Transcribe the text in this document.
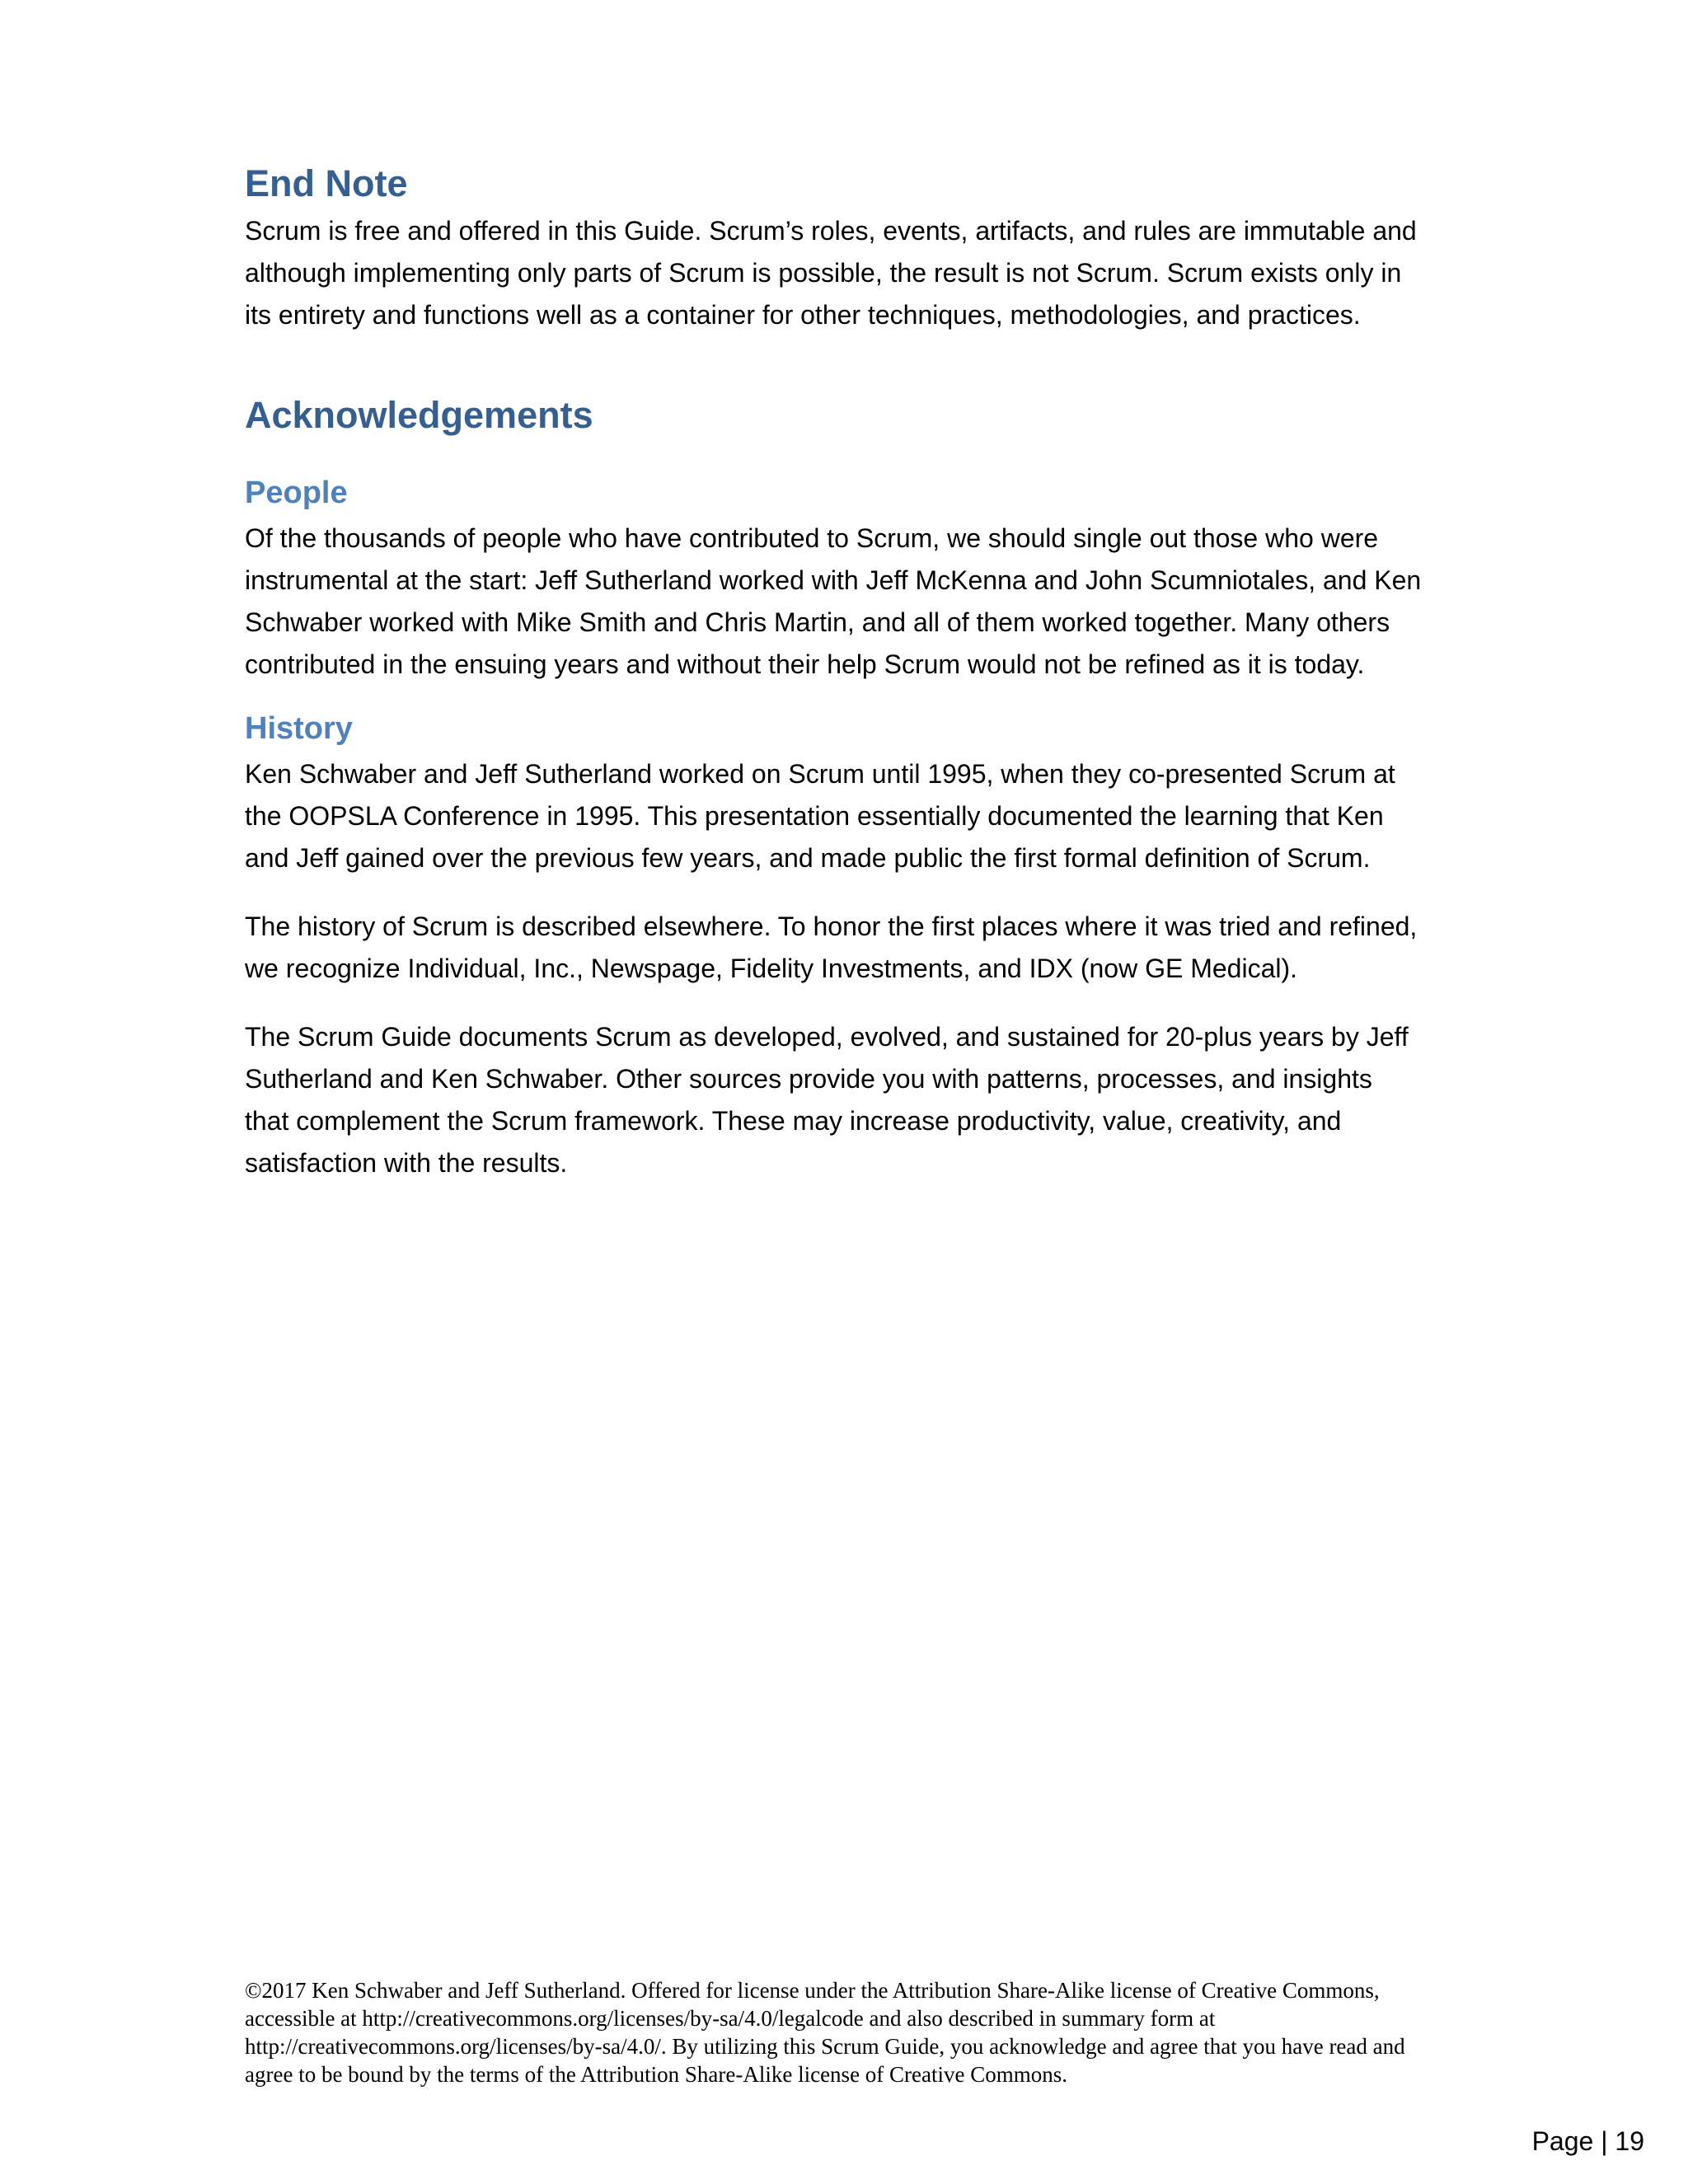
End Note

Scrum is free and offered in this Guide. Scrum’s roles, events, artifacts, and rules are immutable and although implementing only parts of Scrum is possible, the result is not Scrum. Scrum exists only in its entirety and functions well as a container for other techniques, methodologies, and practices.

Acknowledgements
People

Of the thousands of people who have contributed to Scrum, we should single out those who were instrumental at the start: Jeff Sutherland worked with Jeff McKenna and John Scumniotales, and Ken Schwaber worked with Mike Smith and Chris Martin, and all of them worked together. Many others contributed in the ensuing years and without their help Scrum would not be refined as it is today.

History

Ken Schwaber and Jeff Sutherland worked on Scrum until 1995, when they co-presented Scrum at the OOPSLA Conference in 1995. This presentation essentially documented the learning that Ken and Jeff gained over the previous few years, and made public the first formal definition of Scrum.

The history of Scrum is described elsewhere. To honor the first places where it was tried and refined, we recognize Individual, Inc., Newspage, Fidelity Investments, and IDX (now GE Medical).

The Scrum Guide documents Scrum as developed, evolved, and sustained for 20-plus years by Jeff Sutherland and Ken Schwaber. Other sources provide you with patterns, processes, and insights that complement the Scrum framework. These may increase productivity, value, creativity, and satisfaction with the results.

©2017 Ken Schwaber and Jeff Sutherland. Offered for license under the Attribution Share-Alike license of Creative Commons, accessible at http://creativecommons.org/licenses/by-sa/4.0/legalcode and also described in summary form at http://creativecommons.org/licenses/by-sa/4.0/. By utilizing this Scrum Guide, you acknowledge and agree that you have read and agree to be bound by the terms of the Attribution Share-Alike license of Creative Commons.
Page | 19
